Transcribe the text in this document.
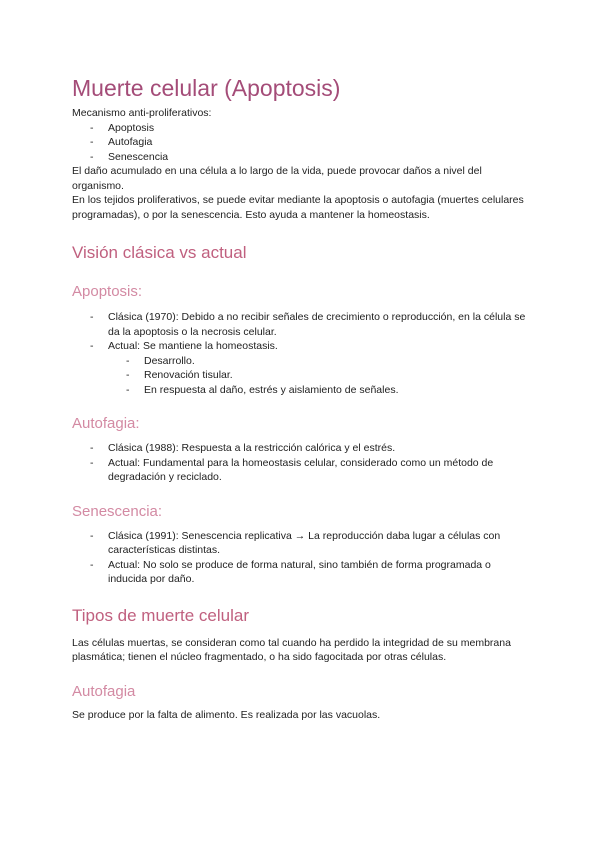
Muerte celular (Apoptosis)

Mecanismo anti-proliferativos:

- Apoptosis
- Autofagia
- Senescencia

El daño acumulado en una célula a lo largo de la vida, puede provocar daños a nivel del organismo.

En los tejidos proliferativos, se puede evitar mediante la apoptosis o autofagia (muertes celulares programadas), o por la senescencia. Esto ayuda a mantener la homeostasis.

Visión clásica vs actual
Apoptosis:
- Clásica (1970): Debido a no recibir señales de crecimiento o reproducción, en la célula se da la apoptosis o la necrosis celular.
- Actual: Se mantiene la homeostasis.
- Desarrollo.
- Renovación tisular.
- En respuesta al daño, estrés y aislamiento de señales.
Autofagia:
- Clásica (1988): Respuesta a la restricción calórica y el estrés.
- Actual: Fundamental para la homeostasis celular, considerado como un método de degradación y reciclado.
Senescencia:
- Clásica (1991): Senescencia replicativa → La reproducción daba lugar a células con características distintas.
- Actual: No solo se produce de forma natural, sino también de forma programada o inducida por daño.
Tipos de muerte celular

Las células muertas, se consideran como tal cuando ha perdido la integridad de su membrana plasmática; tienen el núcleo fragmentado, o ha sido fagocitada por otras células.

Autofagia

Se produce por la falta de alimento. Es realizada por las vacuolas.
